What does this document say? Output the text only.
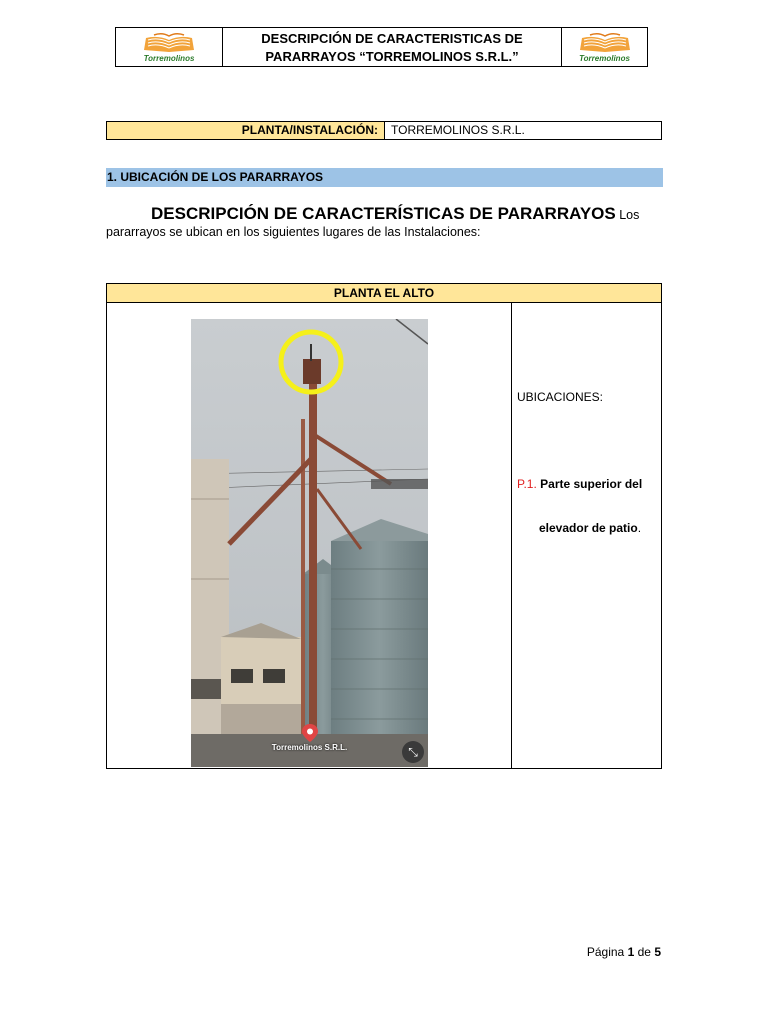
Torremolinos
DESCRIPCIÓN DE CARACTERISTICAS DE
PARARRAYOS “TORREMOLINOS S.R.L.”	Torremolinos
PLANTA/INSTALACIÓN:	TORREMOLINOS S.R.L.
1. UBICACIÓN DE LOS PARARRAYOS
DESCRIPCIÓN DE CARACTERÍSTICAS DE PARARRAYOS Los
pararrayos se ubican en los siguientes lugares de las Instalaciones:
PLANTA EL ALTO
Torremolinos S.R.L.	⤡
UBICACIONES:
P.1. Parte superior del
elevador de patio.
Página 1 de 5
